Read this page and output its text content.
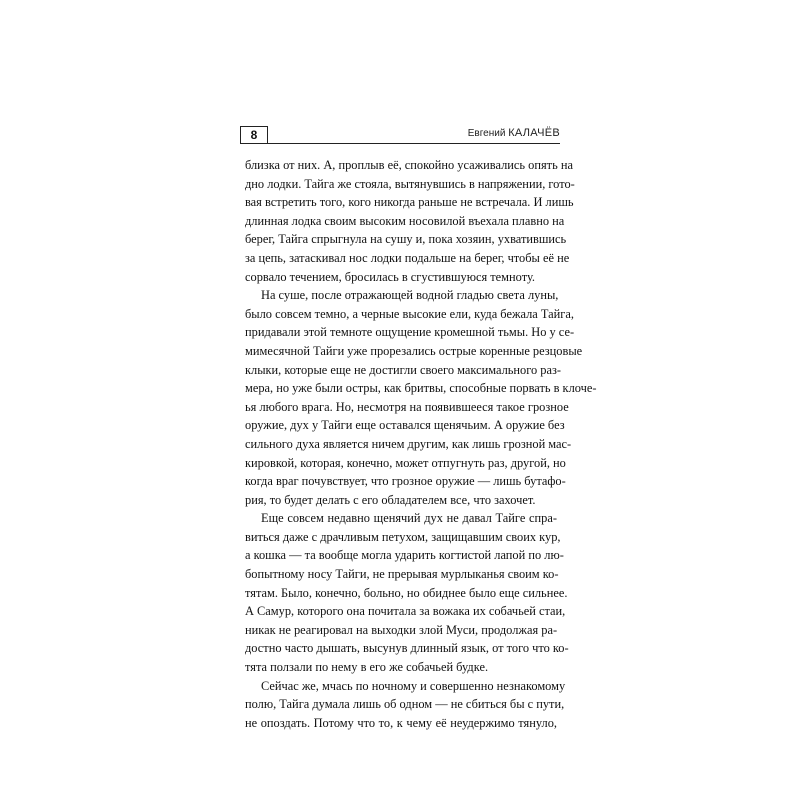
8	Евгений КАЛАЧЁВ
близка от них. А, проплыв её, спокойно усаживались опять на
дно лодки. Тайга же стояла, вытянувшись в напряжении, гото-
вая встретить того, кого никогда раньше не встречала. И лишь
длинная лодка своим высоким носовилой въехала плавно на
берег, Тайга спрыгнула на сушу и, пока хозяин, ухватившись
за цепь, затаскивал нос лодки подальше на берег, чтобы её не
сорвало течением, бросилась в сгустившуюся темноту.
На суше, после отражающей водной гладью света луны,
было совсем темно, а черные высокие ели, куда бежала Тайга,
придавали этой темноте ощущение кромешной тьмы. Но у се-
мимесячной Тайги уже прорезались острые коренные резцовые
клыки, которые еще не достигли своего максимального раз-
мера, но уже были остры, как бритвы, способные порвать в клоче-
ья любого врага. Но, несмотря на появившееся такое грозное
оружие, дух у Тайги еще оставался щенячьим. А оружие без
сильного духа является ничем другим, как лишь грозной мас-
кировкой, которая, конечно, может отпугнуть раз, другой, но
когда враг почувствует, что грозное оружие — лишь бутафо-
рия, то будет делать с его обладателем все, что захочет.
Еще совсем недавно щенячий дух не давал Тайге спра-
виться даже с драчливым петухом, защищавшим своих кур,
а кошка — та вообще могла ударить когтистой лапой по лю-
бопытному носу Тайги, не прерывая мурлыканья своим ко-
тятам. Было, конечно, больно, но обиднее было еще сильнее.
А Самур, которого она почитала за вожака их собачьей стаи,
никак не реагировал на выходки злой Муси, продолжая ра-
достно часто дышать, высунув длинный язык, от того что ко-
тята ползали по нему в его же собачьей будке.
Сейчас же, мчась по ночному и совершенно незнакомому
полю, Тайга думала лишь об одном — не сбиться бы с пути,
не опоздать. Потому что то, к чему её неудержимо тянуло,
